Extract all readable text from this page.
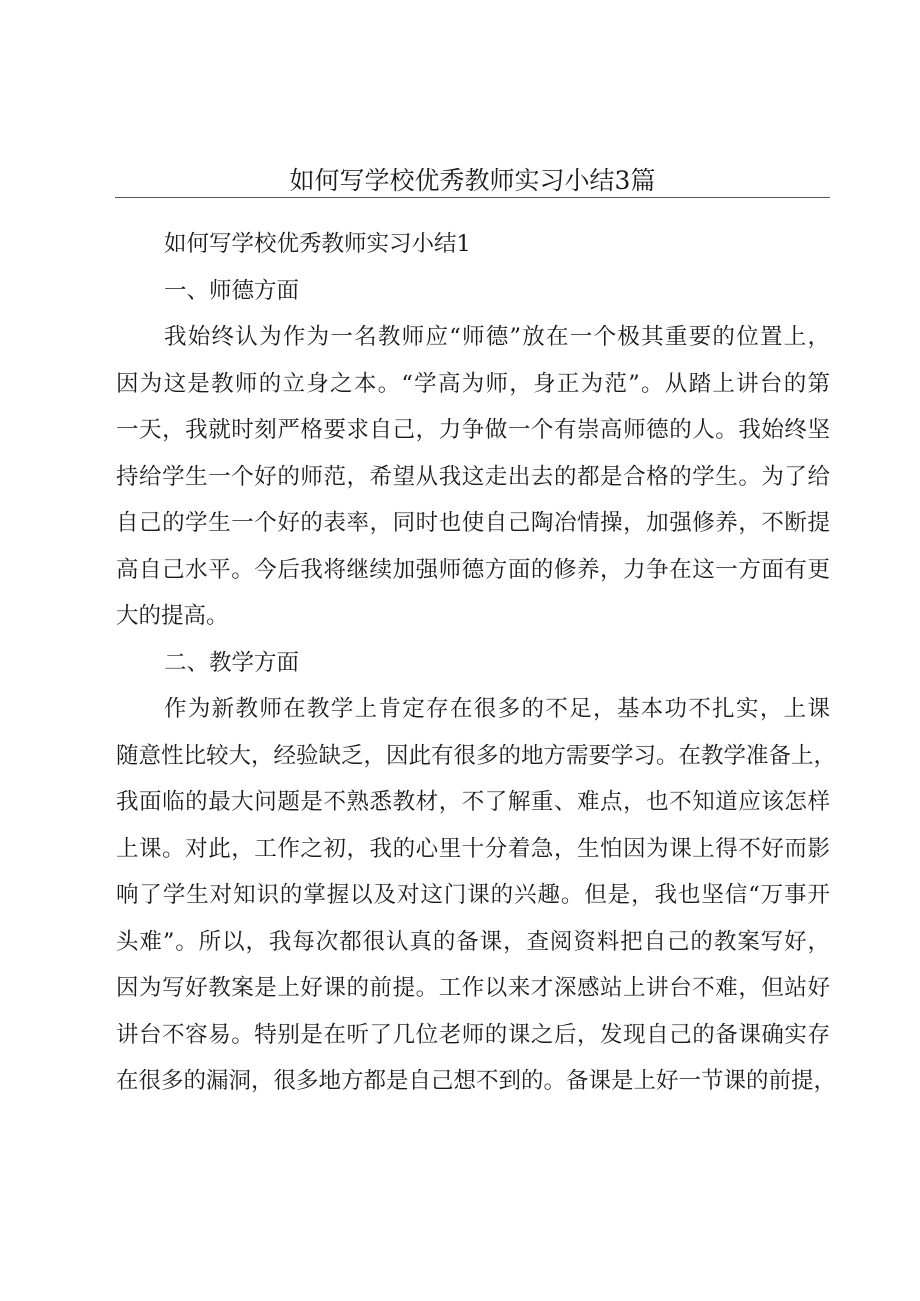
如何写学校优秀教师实习小结3篇

如何写学校优秀教师实习小结1

一、师德方面

我始终认为作为一名教师应“师德”放在一个极其重要的位置上，

因为这是教师的立身之本。“学高为师，身正为范”。从踏上讲台的第

一天，我就时刻严格要求自己，力争做一个有崇高师德的人。我始终坚

持给学生一个好的师范，希望从我这走出去的都是合格的学生。为了给

自己的学生一个好的表率，同时也使自己陶冶情操，加强修养，不断提

高自己水平。今后我将继续加强师德方面的修养，力争在这一方面有更

大的提高。

二、教学方面

作为新教师在教学上肯定存在很多的不足，基本功不扎实，上课

随意性比较大，经验缺乏，因此有很多的地方需要学习。在教学准备上，

我面临的最大问题是不熟悉教材，不了解重、难点，也不知道应该怎样

上课。对此，工作之初，我的心里十分着急，生怕因为课上得不好而影

响了学生对知识的掌握以及对这门课的兴趣。但是，我也坚信“万事开

头难”。所以，我每次都很认真的备课，查阅资料把自己的教案写好，

因为写好教案是上好课的前提。工作以来才深感站上讲台不难，但站好

讲台不容易。特别是在听了几位老师的课之后，发现自己的备课确实存

在很多的漏洞，很多地方都是自己想不到的。备课是上好一节课的前提，
